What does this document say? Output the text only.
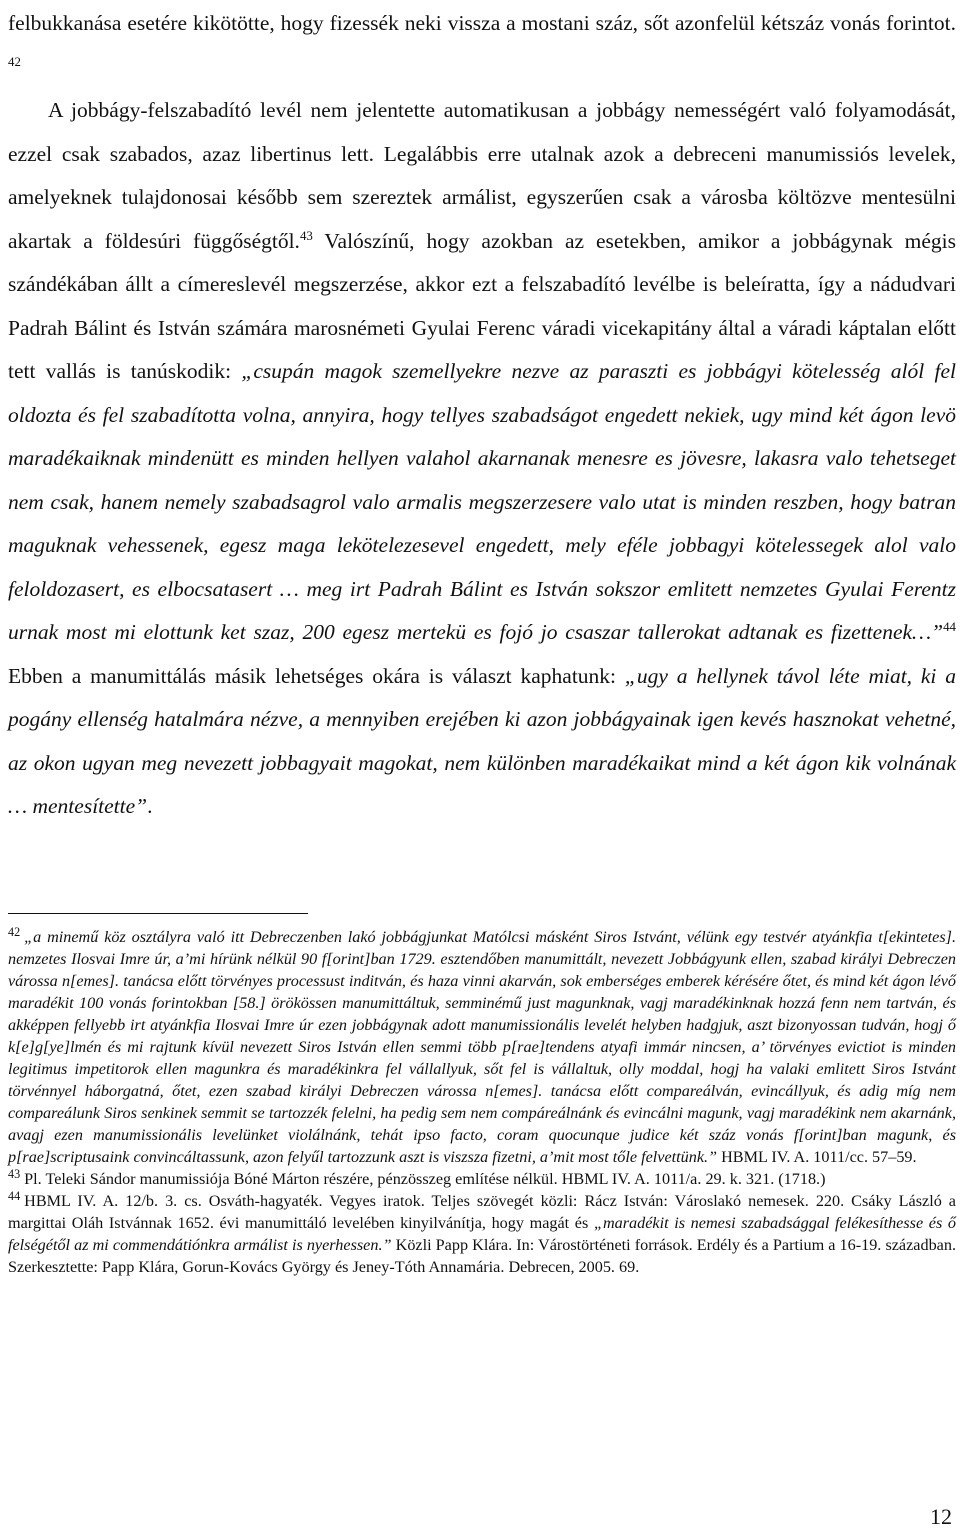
felbukkanása esetére kikötötte, hogy fizessék neki vissza a mostani száz, sőt azonfelül kétszáz vonás forintot. $^{42}$

A jobbágy-felszabadító levél nem jelentette automatikusan a jobbágy nemességért való folyamodását, ezzel csak szabados, azaz libertinus lett. Legalábbis erre utalnak azok a debreceni manumissiós levelek, amelyeknek tulajdonosai később sem szereztek armálist, egyszerűen csak a városba költözve mentesülni akartak a földesúri függőségtől.$^{43}$ Valószínű, hogy azokban az esetekben, amikor a jobbágynak mégis szándékában állt a címereslevél megszerzése, akkor ezt a felszabadító levélbe is beleíratta, így a nádudvari Padrah Bálint és István számára marosnémeti Gyulai Ferenc váradi vicekapitány által a váradi káptalan előtt tett vallás is tanúskodik: „csupán magok szemellyekre nezve az paraszti es jobbágyi kötelesség alól fel oldozta és fel szabadította volna, annyira, hogy tellyes szabadságot engedett nekiek, ugy mind két ágon levö maradékaiknak mindenütt es minden hellyen valahol akarnanak menesre es jövesre, lakasra valo tehetseget nem csak, hanem nemely szabadsagrol valo armalis megszerzesere valo utat is minden reszben, hogy batran maguknak vehessenek, egesz maga lekötelezesevel engedett, mely eféle jobbagyi kötelessegek alol valo feloldozasert, es elbocsatasert … meg irt Padrah Bálint es István sokszor emlitett nemzetes Gyulai Ferentz urnak most mi elottunk ket szaz, 200 egesz mertekü es fojó jo csaszar tallerokat adtanak es fizettenek…”$^{44}$ Ebben a manumittálás másik lehetséges okára is választ kaphatunk: „ugy a hellynek távol léte miat, ki a pogány ellenség hatalmára nézve, a mennyiben erejében ki azon jobbágyainak igen kevés hasznokat vehetné, az okon ugyan meg nevezett jobbagyait magokat, nem különben maradékaikat mind a két ágon kik volnának … mentesítette”.

$^{42}$ „a minemű köz osztályra való itt Debreczenben lakó jobbágjunkat Matólcsi másként Siros Istvánt, vélünk egy testvér atyánkfia t[ekintetes]. nemzetes Ilosvai Imre úr, a’mi hírünk nélkül 90 f[orint]ban 1729. esztendőben manumittált, nevezett Jobbágyunk ellen, szabad királyi Debreczen várossa n[emes]. tanácsa előtt törvényes processust inditván, és haza vinni akarván, sok emberséges emberek kérésére őtet, és mind két ágon lévő maradékit 100 vonás forintokban [58.] örökössen manumittáltuk, semminémű just magunknak, vagj maradékinknak hozzá fenn nem tartván, és akképpen fellyebb irt atyánkfia Ilosvai Imre úr ezen jobbágynak adott manumissionális levelét helyben hadgjuk, aszt bizonyossan tudván, hogj ő k[e]g[ye]lmén és mi rajtunk kívül nevezett Siros István ellen semmi több p[rae]tendens atyafi immár nincsen, a’ törvényes evictiot is minden legitimus impetitorok ellen magunkra és maradékinkra fel vállallyuk, sőt fel is vállaltuk, olly moddal, hogj ha valaki emlitett Siros Istvánt törvénnyel háborgatná, őtet, ezen szabad királyi Debreczen várossa n[emes]. tanácsa előtt compareálván, evincállyuk, és adig míg nem compareálunk Siros senkinek semmit se tartozzék felelni, ha pedig sem nem compáreálnánk és evincálni magunk, vagj maradékink nem akarnánk, avagj ezen manumissionális levelünket violálnánk, tehát ipso facto, coram quocunque judice két száz vonás f[orint]ban magunk, és p[rae]scriptusaink convincáltassunk, azon felyűl tartozzunk aszt is viszsza fizetni, a’mit most tőle felvettünk.” HBML IV. A. 1011/cc. 57–59.

$^{43}$ Pl. Teleki Sándor manumissiója Bóné Márton részére, pénzösszeg említése nélkül. HBML IV. A. 1011/a. 29. k. 321. (1718.)

$^{44}$ HBML IV. A. 12/b. 3. cs. Osváth-hagyaték. Vegyes iratok. Teljes szövegét közli: Rácz István: Városlakó nemesek. 220. Csáky László a margittai Oláh Istvánnak 1652. évi manumittáló levelében kinyilvánítja, hogy magát és „maradékit is nemesi szabadsággal felékesíthesse és ő felségétől az mi commendátiónkra armálist is nyerhessen.” Közli Papp Klára. In: Várostörténeti források. Erdély és a Partium a 16-19. században. Szerkesztette: Papp Klára, Gorun-Kovács György és Jeney-Tóth Annamária. Debrecen, 2005. 69.

12
